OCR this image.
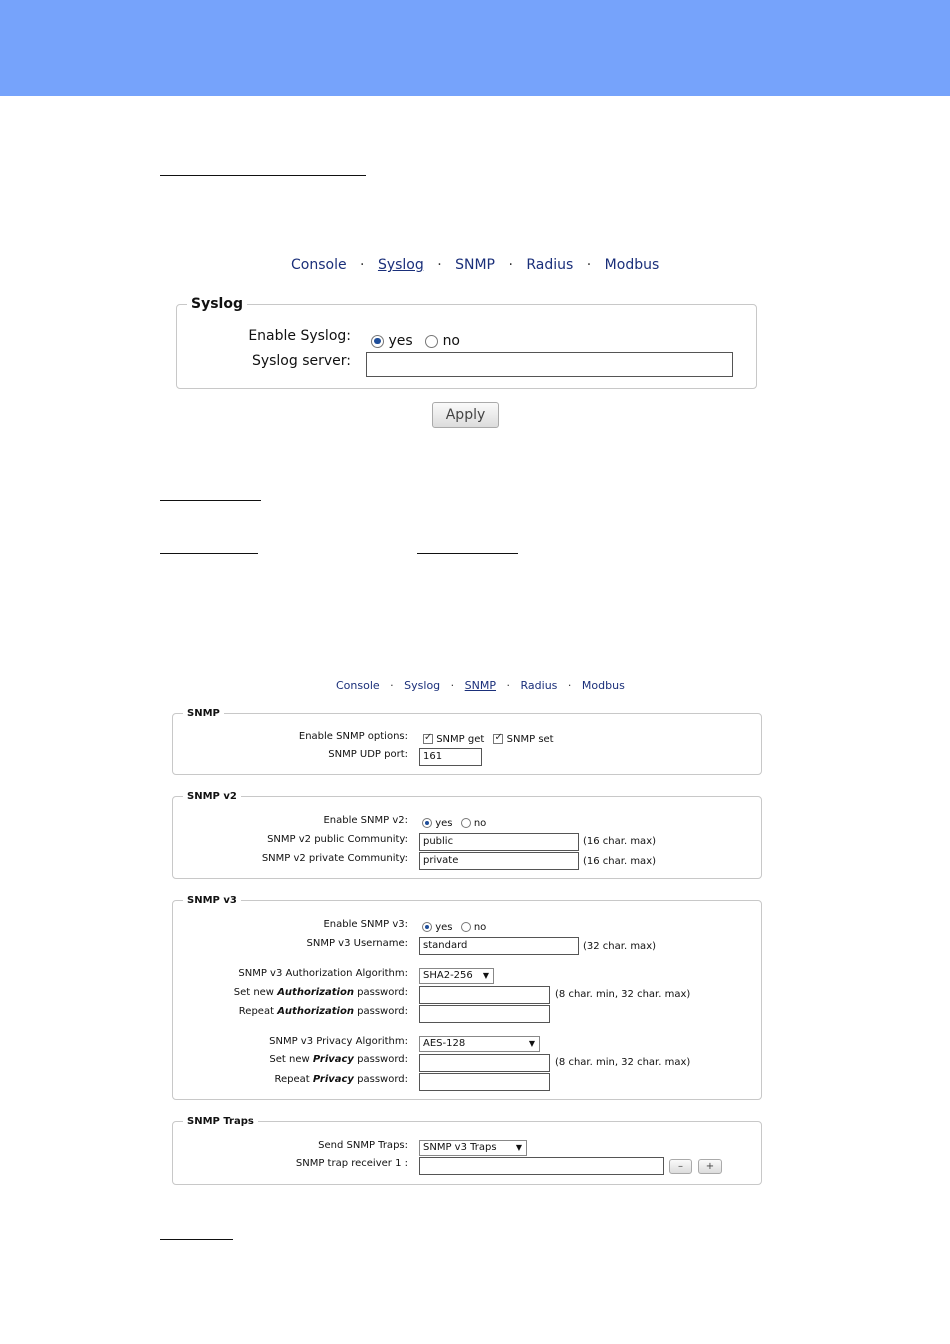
Console · Syslog · SNMP · Radius · Modbus
Syslog
Enable Syslog:	yes no
Syslog server:
Apply
Console · Syslog · SNMP · Radius · Modbus
SNMP
Enable SNMP options: ✓	SNMP get ✓ SNMP set
SNMP UDP port:	161
SNMP v2
Enable SNMP v2:	yes no
SNMP v2 public Community:	public	(16 char. max)
SNMP v2 private Community:	private	(16 char. max)
SNMP v3
Enable SNMP v3:	yes no
SNMP v3 Username:	standard	(32 char. max)
SNMP v3 Authorization Algorithm:	SHA2-256 ▼
Set new Authorization password:	(8 char. min, 32 char. max)
Repeat Authorization password:
SNMP v3 Privacy Algorithm:	AES-128	▼
Set new Privacy password:	(8 char. min, 32 char. max)
Repeat Privacy password:
SNMP Traps
Send SNMP Traps:	SNMP v3 Traps ▼
SNMP trap receiver 1 :	–	+
